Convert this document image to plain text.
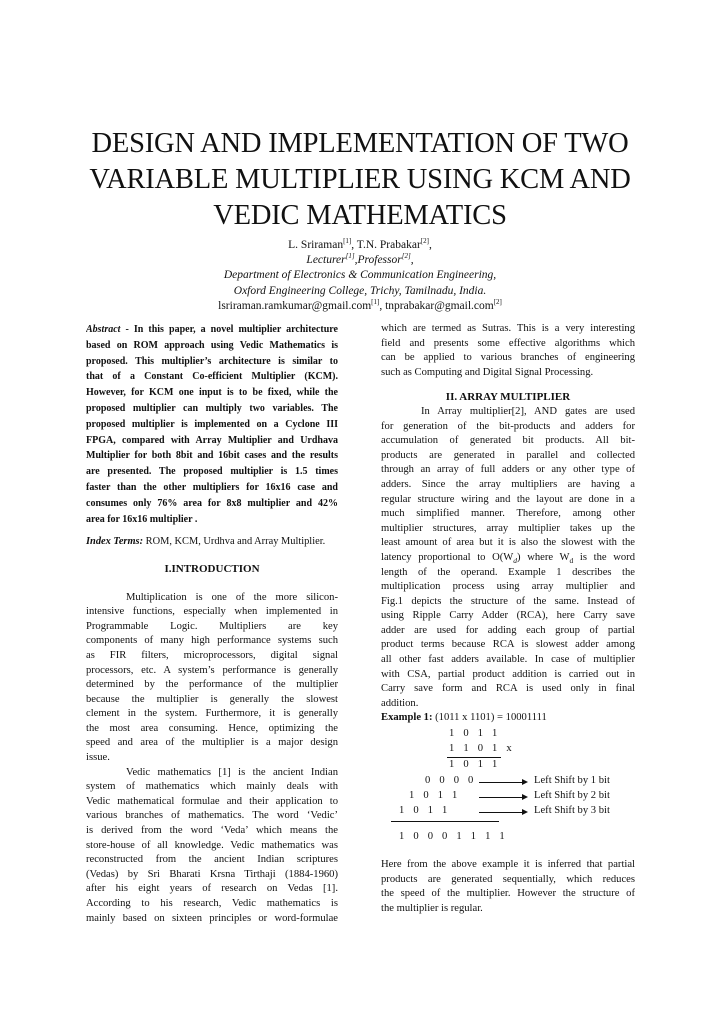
DESIGN AND IMPLEMENTATION OF TWO
VARIABLE MULTIPLIER USING KCM AND
VEDIC MATHEMATICS
L. Sriraman[1], T.N. Prabakar[2],
Lecturer[1],Professor[2],
Department of Electronics & Communication Engineering,
Oxford Engineering College, Trichy, Tamilnadu, India.
lsriraman.ramkumar@gmail.com[1], tnprabakar@gmail.com[2]
Abstract - In this paper, a novel multiplier architecture
based on ROM approach using Vedic Mathematics is
proposed. This multiplier’s architecture is similar to
that of a Constant Co-efficient Multiplier (KCM).
However, for KCM one input is to be fixed, while the
proposed multiplier can multiply two variables. The
proposed multiplier is implemented on a Cyclone III
FPGA, compared with Array Multiplier and Urdhava
Multiplier for both 8bit and 16bit cases and the results
are presented. The proposed multiplier is 1.5 times
faster than the other multipliers for 16x16 case and
consumes only 76% area for 8x8 multiplier and 42%
area for 16x16 multiplier .
Index Terms: ROM, KCM, Urdhva and Array Multiplier.
I.INTRODUCTION
Multiplication is one of the more silicon-
intensive functions, especially when implemented in
Programmable Logic. Multipliers are key
components of many high performance systems such
as FIR filters, microprocessors, digital signal
processors, etc. A system’s performance is generally
determined by the performance of the multiplier
because the multiplier is generally the slowest
clement in the system. Furthermore, it is generally
the most area consuming. Hence, optimizing the
speed and area of the multiplier is a major design
issue.
Vedic mathematics [1] is the ancient Indian
system of mathematics which mainly deals with
Vedic mathematical formulae and their application to
various branches of mathematics. The word ‘Vedic’
is derived from the word ‘Veda’ which means the
store-house of all knowledge. Vedic mathematics was
reconstructed from the ancient Indian scriptures
(Vedas) by Sri Bharati Krsna Tirthaji (1884-1960)
after his eight years of research on Vedas [1].
According to his research, Vedic mathematics is
mainly based on sixteen principles or word-formulae
which are termed as Sutras. This is a very interesting
field and presents some effective algorithms which
can be applied to various branches of engineering
such as Computing and Digital Signal Processing.
II. ARRAY MULTIPLIER
In Array multiplier[2], AND gates are used
for generation of the bit-products and adders for
accumulation of generated bit products. All bit-
products are generated in parallel and collected
through an array of full adders or any other type of
adders. Since the array multipliers are having a
regular structure wiring and the layout are done in a
much simplified manner. Therefore, among other
multiplier structures, array multiplier takes up the
least amount of area but it is also the slowest with the
latency proportional to $O(W_d)$ where $W_d$ is the word
length of the operand. Example 1 describes the
multiplication process using array multiplier and
Fig.1 depicts the structure of the same. Instead of
using Ripple Carry Adder (RCA), here Carry save
adder are used for adding each group of partial
product terms because RCA is slowest adder among
all other fast adders available. In case of multiplier
with CSA, partial product addition is carried out in
Carry save form and RCA is used only in final
addition.
Example 1: (1011 x 1101) = 10001111
1 0 1 1
1 1 0 1 x
1 0 1 1
0 0 0 0	Left Shift by 1 bit
1 0 1 1	Left Shift by 2 bit
1 0 1 1	Left Shift by 3 bit
1 0 0 0 1 1 1 1
Here from the above example it is inferred that partial
products are generated sequentially, which reduces
the speed of the multiplier. However the structure of
the multiplier is regular.
